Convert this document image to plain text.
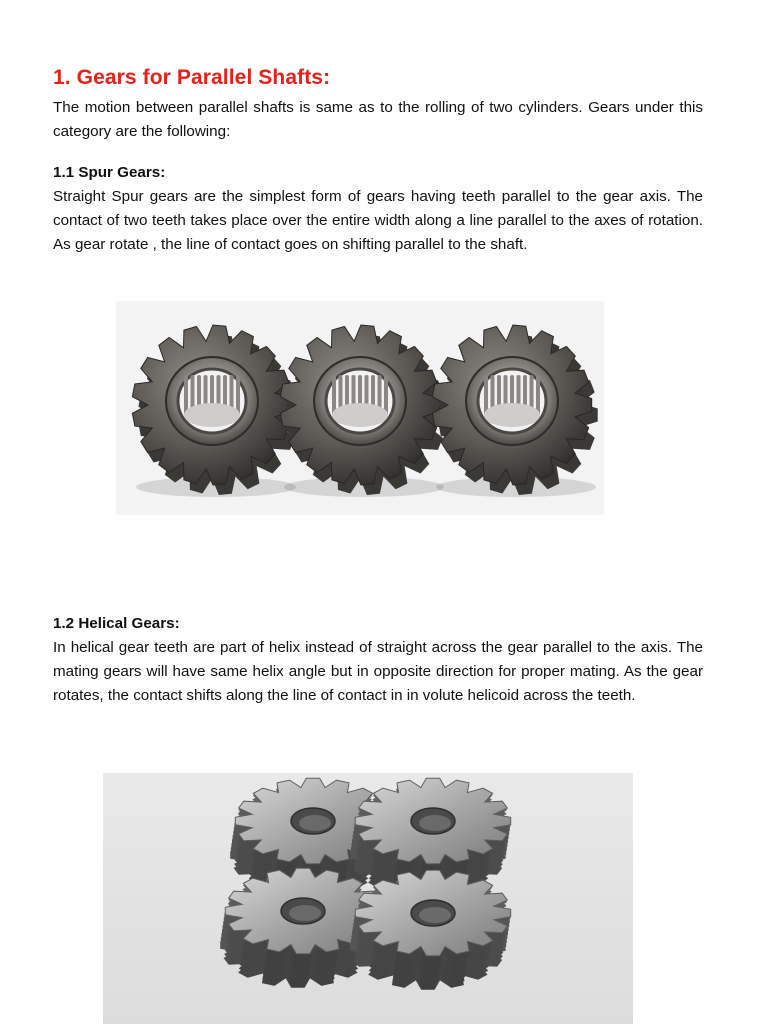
1. Gears for Parallel Shafts:

The motion between parallel shafts is same as to the rolling of two cylinders. Gears under this category are the following:

1.1 Spur Gears:

Straight Spur gears are the simplest form of gears having teeth parallel to the gear axis. The contact of two teeth takes place over the entire width along a line parallel to the axes of rotation. As gear rotate , the line of contact goes on shifting parallel to the shaft.

1.2 Helical Gears:

In helical gear teeth are part of helix instead of straight across the gear parallel to the axis. The mating gears will have same helix angle but in opposite direction for proper mating. As the gear rotates, the contact shifts along the line of contact in in volute helicoid across the teeth.
